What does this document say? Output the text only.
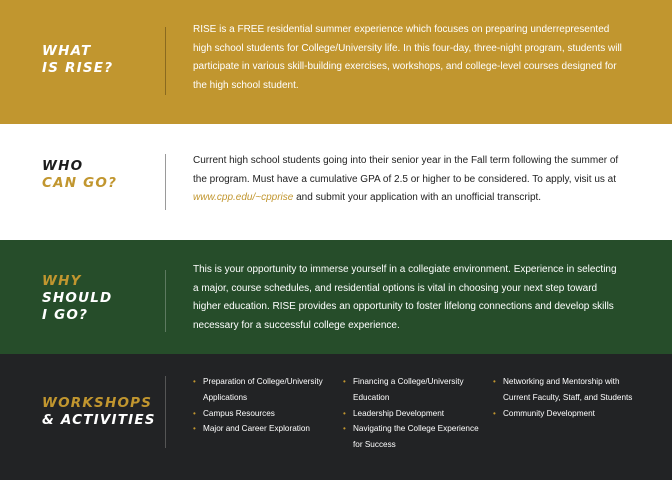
WHAT
IS RISE?

RISE is a FREE residential summer experience which focuses on preparing underrepresented high school students for College/University life. In this four-day, three-night program, students will participate in various skill-building exercises, workshops, and college-level courses designed for the high school student.

WHO
CAN GO?

Current high school students going into their senior year in the Fall term following the summer of the program. Must have a cumulative GPA of 2.5 or higher to be considered. To apply, visit us at www.cpp.edu/~cpprise and submit your application with an unofficial transcript.

WHY
SHOULD
I GO?

This is your opportunity to immerse yourself in a collegiate environment. Experience in selecting a major, course schedules, and residential options is vital in choosing your next step toward higher education. RISE provides an opportunity to foster lifelong connections and develop skills necessary for a successful college experience.

WORKSHOPS
& ACTIVITIES
• Preparation of College/University Applications
• Campus Resources
• Major and Career Exploration
• Financing a College/University Education
• Leadership Development
• Navigating the College Experience for Success
• Networking and Mentorship with Current Faculty, Staff, and Students
• Community Development
